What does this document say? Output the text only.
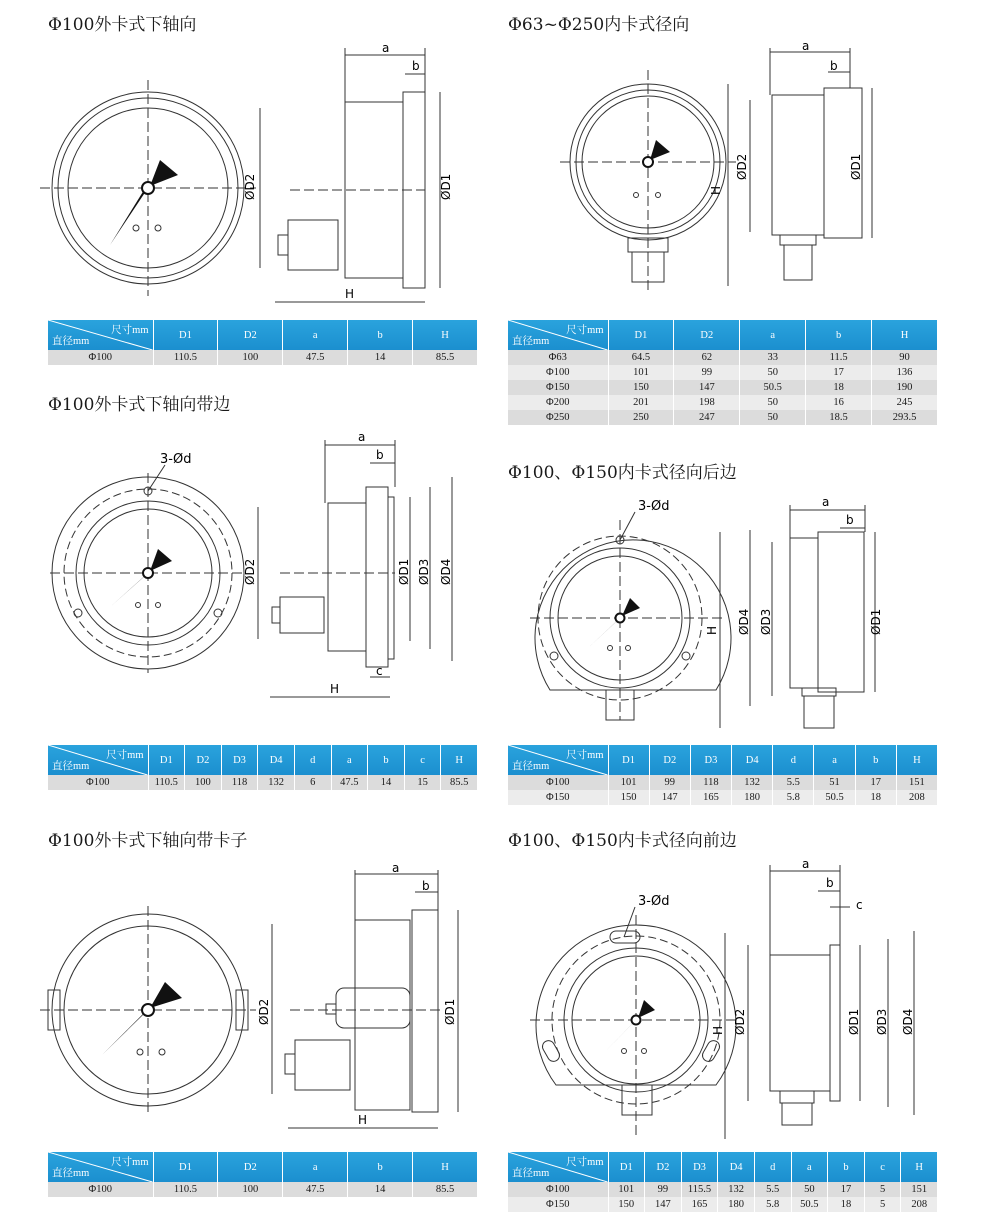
Φ100外卡式下轴向
a
b
ØD2	ØD1
H
尺寸mm
直径mm	D1	D2	a	b	H
Φ100	110.5	100	47.5	14	85.5
Φ63~Φ250内卡式径向
a
b
ØD2	ØD1
H
尺寸mm
直径mm	D1	D2	a	b	H
Φ63	64.5	62	33	11.5	90
Φ100	101	99	50	17	136
Φ150	150	147	50.5	18	190
Φ200	201	198	50	16	245
Φ250	250	247	50	18.5	293.5
Φ100外卡式下轴向带边
3-Ød
a
b
ØD2	ØD1 ØD3 ØD4
H
c
尺寸mm
直径mm	D1	D2	D3	D4	d	a	b	c	H
Φ100	110.5	100	118	132	6	47.5	14	15	85.5
Φ100、Φ150内卡式径向后边
3-Ød	a
b
ØD4 ØD3	ØD1
H
尺寸mm
直径mm	D1	D2	D3	D4	d	a	b	H
Φ100	101	99	118	132	5.5	51	17	151
Φ150	150	147	165	180	5.8	50.5	18	208
Φ100外卡式下轴向带卡子
a
b
ØD2	ØD1
H
尺寸mm
直径mm	D1	D2	a	b	H
Φ100	110.5	100	47.5	14	85.5
Φ100、Φ150内卡式径向前边
3-Ød
a
b
c
ØD2	ØD1 ØD3 ØD4
H
尺寸mm
直径mm	D1	D2	D3	D4	d	a	b	c	H
Φ100	101	99	115.5	132	5.5	50	17	5	151
Φ150	150	147	165	180	5.8	50.5	18	5	208
